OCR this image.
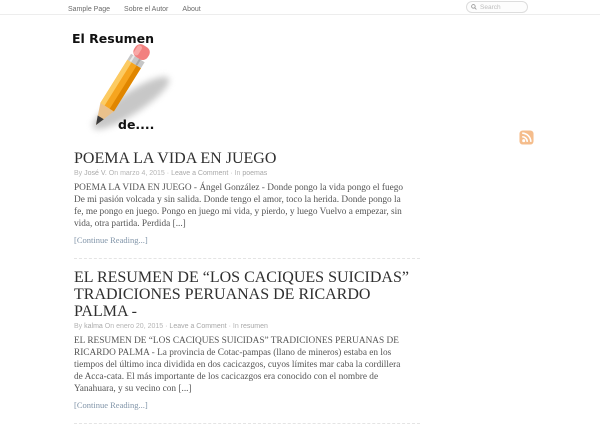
Sample Page Sobre el Autor About
Search
El Resumen
de....
POEMA LA VIDA EN JUEGO

By José V. On marzo 4, 2015 · Leave a Comment · In poemas

POEMA LA VIDA EN JUEGO - Ángel González - Donde pongo la vida pongo el fuego De mi pasión volcada y sin salida. Donde tengo el amor, toco la herida. Donde pongo la fe, me pongo en juego. Pongo en juego mi vida, y pierdo, y luego Vuelvo a empezar, sin vida, otra partida. Perdida [...]

[Continue Reading...]
EL RESUMEN DE “LOS CACIQUES SUICIDAS” TRADICIONES PERUANAS DE RICARDO PALMA -

By kalma On enero 20, 2015 · Leave a Comment · In resumen

EL RESUMEN DE “LOS CACIQUES SUICIDAS” TRADICIONES PERUANAS DE RICARDO PALMA - La provincia de Cotac-pampas (llano de mineros) estaba en los tiempos del último inca dividida en dos cacicazgos, cuyos límites mar caba la cordillera de Acca-cata. El más importante de los cacicazgos era conocido con el nombre de Yanahuara, y su vecino con [...]

[Continue Reading...]
